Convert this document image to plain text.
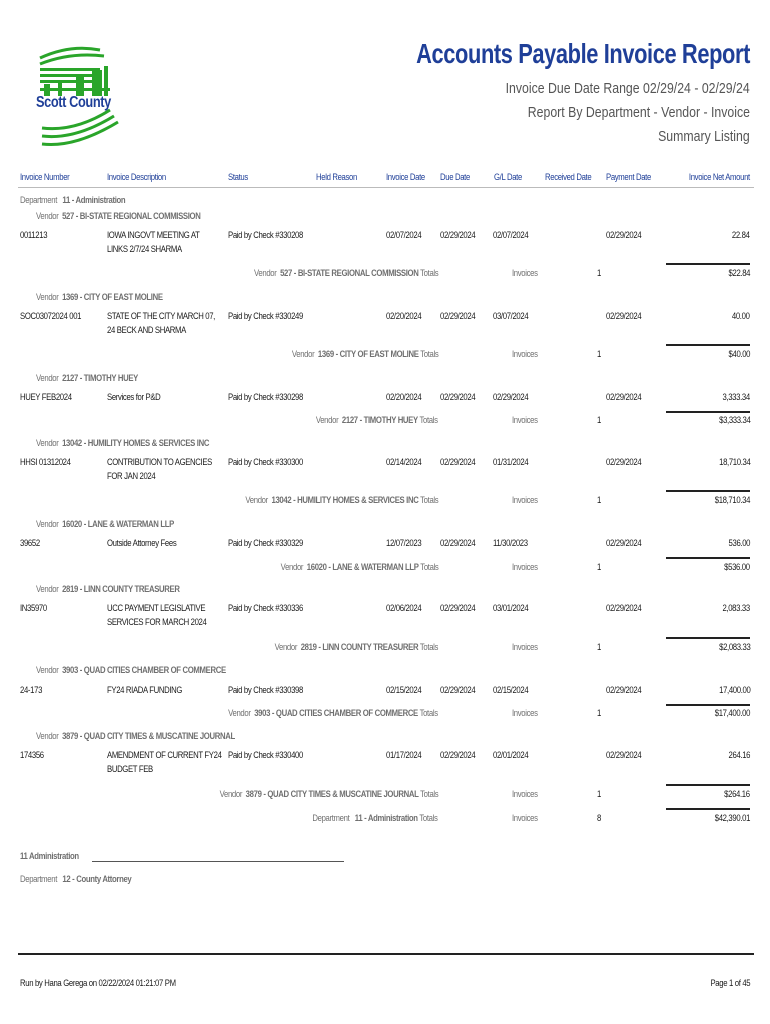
Scott County
Accounts Payable Invoice Report
Invoice Due Date Range 02/29/24 - 02/29/24
Report By Department - Vendor - Invoice
Summary Listing
Invoice Number	Invoice Description	Status	Held Reason	Invoice Date Due Date	G/L Date	Received Date Payment Date	Invoice Net Amount
Department 11 - Administration
Vendor 527 - BI-STATE REGIONAL COMMISSION
0011213	IOWA INGOVT MEETING AT
LINKS 2/7/24 SHARMA
Paid by Check #330208	02/07/2024 02/29/2024 02/07/2024	02/29/2024	22.84
Vendor 527 - BI-STATE REGIONAL COMMISSION Totals	Invoices	1	$22.84
Vendor 1369 - CITY OF EAST MOLINE
SOC03072024 001	STATE OF THE CITY MARCH 07,
24 BECK AND SHARMA
Paid by Check #330249	02/20/2024 02/29/2024 03/07/2024	02/29/2024	40.00
Vendor 1369 - CITY OF EAST MOLINE Totals	Invoices	1	$40.00
Vendor 2127 - TIMOTHY HUEY
HUEY FEB2024	Services for P&D	Paid by Check #330298	02/20/2024 02/29/2024 02/29/2024	02/29/2024	3,333.34
Vendor 2127 - TIMOTHY HUEY Totals	Invoices	1	$3,333.34
Vendor 13042 - HUMILITY HOMES & SERVICES INC
HHSI 01312024	CONTRIBUTION TO AGENCIES
FOR JAN 2024
Paid by Check #330300	02/14/2024 02/29/2024 01/31/2024	02/29/2024	18,710.34
Vendor 13042 - HUMILITY HOMES & SERVICES INC Totals	Invoices	1	$18,710.34
Vendor 16020 - LANE & WATERMAN LLP
39652	Outside Attorney Fees	Paid by Check #330329	12/07/2023 02/29/2024 11/30/2023	02/29/2024	536.00
Vendor 16020 - LANE & WATERMAN LLP Totals	Invoices	1	$536.00
Vendor 2819 - LINN COUNTY TREASURER
IN35970	UCC PAYMENT LEGISLATIVE
SERVICES FOR MARCH 2024
Paid by Check #330336	02/06/2024 02/29/2024 03/01/2024	02/29/2024	2,083.33
Vendor 2819 - LINN COUNTY TREASURER Totals	Invoices	1	$2,083.33
Vendor 3903 - QUAD CITIES CHAMBER OF COMMERCE
24-173	FY24 RIADA FUNDING	Paid by Check #330398	02/15/2024 02/29/2024 02/15/2024	02/29/2024	17,400.00
Vendor 3903 - QUAD CITIES CHAMBER OF COMMERCE Totals	Invoices	1	$17,400.00
Vendor 3879 - QUAD CITY TIMES & MUSCATINE JOURNAL
174356	AMENDMENT OF CURRENT FY24
BUDGET FEB
Paid by Check #330400	01/17/2024 02/29/2024 02/01/2024	02/29/2024	264.16
Vendor 3879 - QUAD CITY TIMES & MUSCATINE JOURNAL Totals	Invoices	1	$264.16
Department 11 - Administration Totals	Invoices	8	$42,390.01
11 Administration
Department 12 - County Attorney
Run by Hana Gerega on 02/22/2024 01:21:07 PM	Page 1 of 45
